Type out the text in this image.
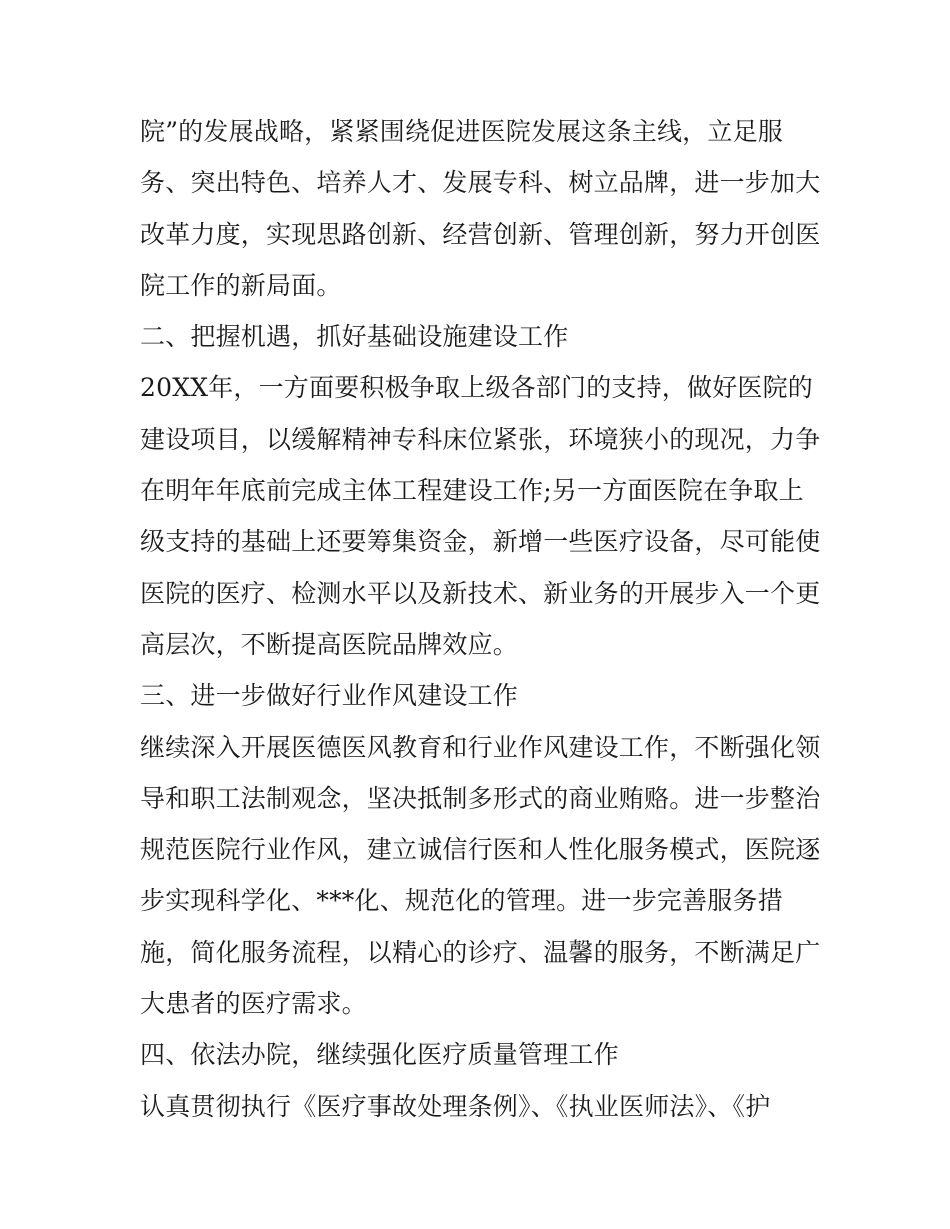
院”的发展战略，紧紧围绕促进医院发展这条主线，立足服
务、突出特色、培养人才、发展专科、树立品牌，进一步加大
改革力度，实现思路创新、经营创新、管理创新，努力开创医
院工作的新局面。
二、把握机遇，抓好基础设施建设工作
20XX年，一方面要积极争取上级各部门的支持，做好医院的
建设项目，以缓解精神专科床位紧张，环境狭小的现况，力争
在明年年底前完成主体工程建设工作;另一方面医院在争取上
级支持的基础上还要筹集资金，新增一些医疗设备，尽可能使
医院的医疗、检测水平以及新技术、新业务的开展步入一个更
高层次，不断提高医院品牌效应。
三、进一步做好行业作风建设工作
继续深入开展医德医风教育和行业作风建设工作，不断强化领
导和职工法制观念，坚决抵制多形式的商业贿赂。进一步整治
规范医院行业作风，建立诚信行医和人性化服务模式，医院逐
步实现科学化、***化、规范化的管理。进一步完善服务措
施，简化服务流程，以精心的诊疗、温馨的服务，不断满足广
大患者的医疗需求。
四、依法办院，继续强化医疗质量管理工作
认真贯彻执行《医疗事故处理条例》、《执业医师法》、《护
